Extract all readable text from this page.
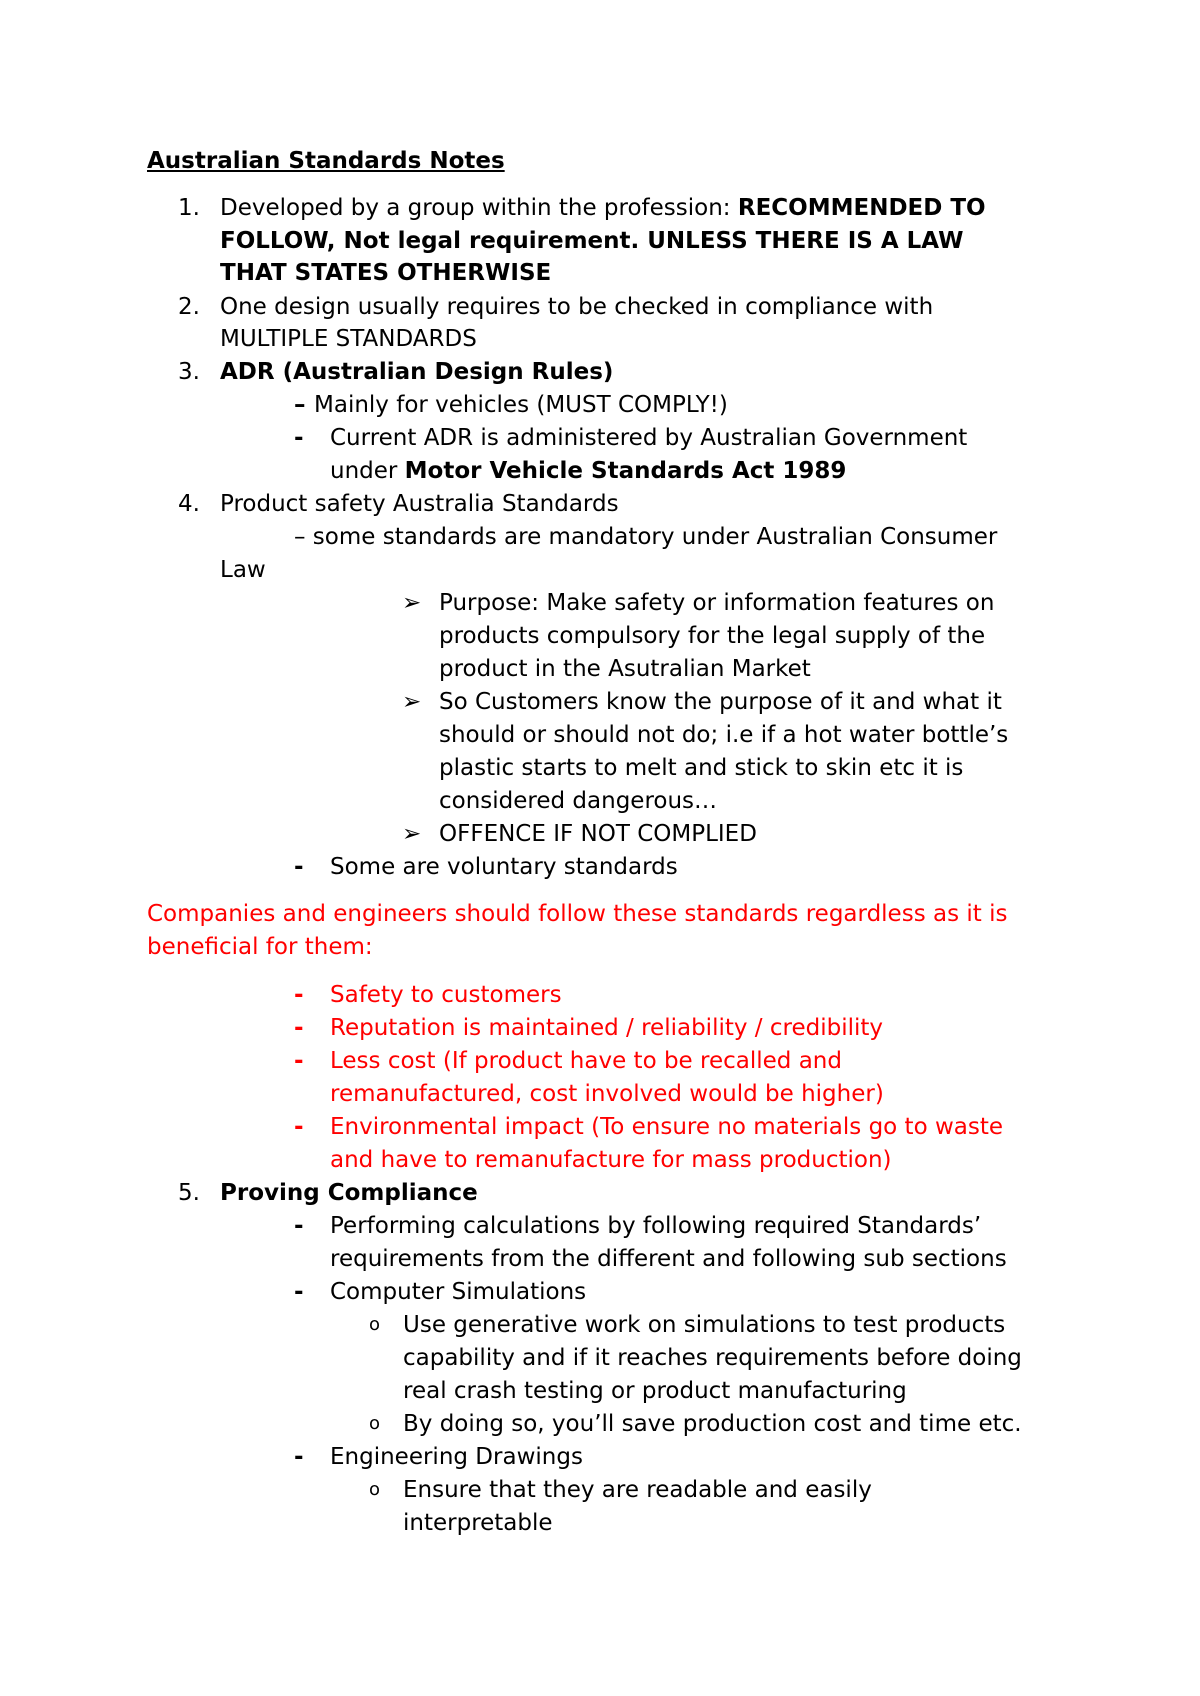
Australian Standards Notes
1. Developed by a group within the profession: RECOMMENDED TO
FOLLOW, Not legal requirement. UNLESS THERE IS A LAW
THAT STATES OTHERWISE
2. One design usually requires to be checked in compliance with
MULTIPLE STANDARDS
3. ADR (Australian Design Rules)
– Mainly for vehicles (MUST COMPLY!)
- Current ADR is administered by Australian Government
under Motor Vehicle Standards Act 1989
4. Product safety Australia Standards
– some standards are mandatory under Australian Consumer
Law
➢ Purpose: Make safety or information features on
products compulsory for the legal supply of the
product in the Asutralian Market
➢ So Customers know the purpose of it and what it
should or should not do; i.e if a hot water bottle’s
plastic starts to melt and stick to skin etc it is
considered dangerous…
➢ OFFENCE IF NOT COMPLIED
- Some are voluntary standards
Companies and engineers should follow these standards regardless as it is
beneficial for them:
- Safety to customers
- Reputation is maintained / reliability / credibility
- Less cost (If product have to be recalled and
remanufactured, cost involved would be higher)
- Environmental impact (To ensure no materials go to waste
and have to remanufacture for mass production)
5. Proving Compliance
- Performing calculations by following required Standards’
requirements from the different and following sub sections
- Computer Simulations
o Use generative work on simulations to test products
capability and if it reaches requirements before doing
real crash testing or product manufacturing
o By doing so, you’ll save production cost and time etc.
- Engineering Drawings
o Ensure that they are readable and easily
interpretable
